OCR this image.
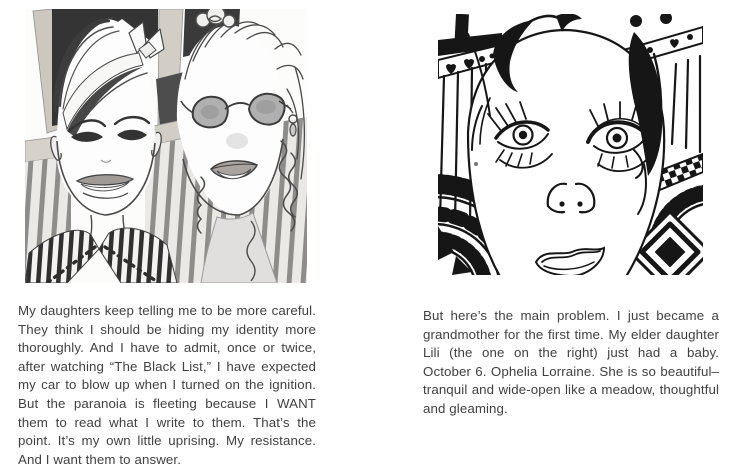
My daughters keep telling me to be more careful. They think I should be hiding my identity more thoroughly. And I have to admit, once or twice, after watching “The Black List,” I have expected my car to blow up when I turned on the ignition. But the paranoia is fleeting because I WANT them to read what I write to them. That’s the point. It’s my own little uprising. My resistance. And I want them to answer.

But here’s the main problem. I just became a grandmother for the first time. My elder daughter Lili (the one on the right) just had a baby. October 6. Ophelia Lorraine. She is so beautiful–tranquil and wide-open like a meadow, thoughtful and gleaming.
